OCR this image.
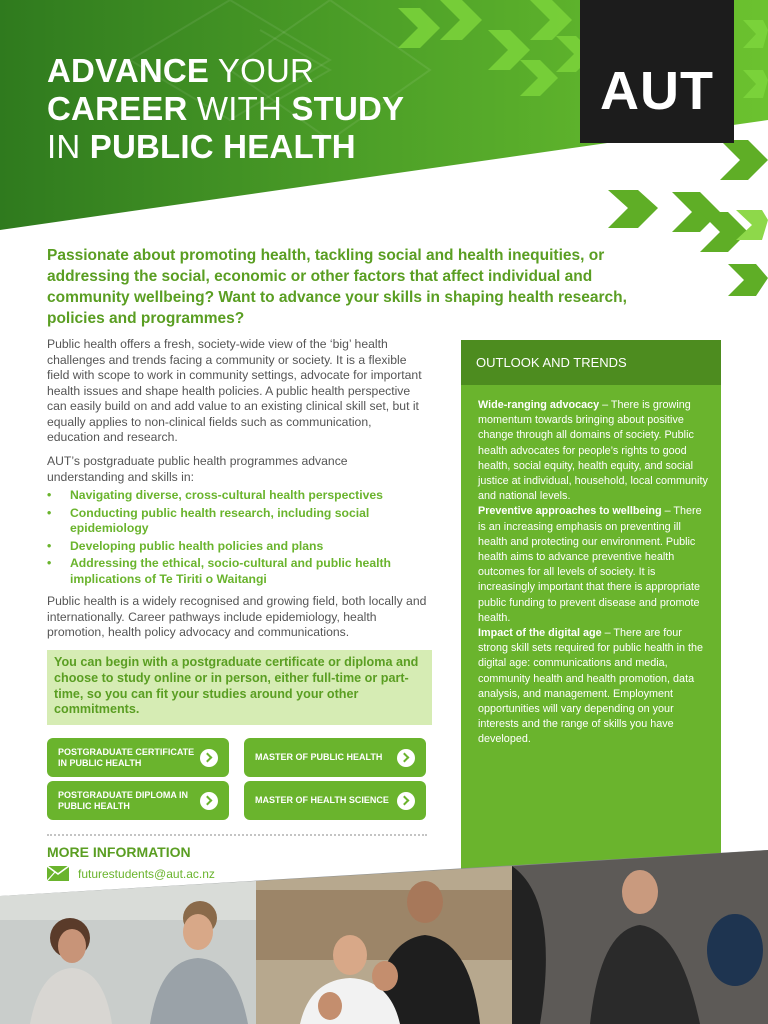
ADVANCE YOUR
CAREER WITH STUDY
IN PUBLIC HEALTH
AUT

Passionate about promoting health, tackling social and health inequities, or addressing the social, economic or other factors that affect individual and community wellbeing? Want to advance your skills in shaping health research, policies and programmes?

Public health offers a fresh, society-wide view of the ‘big’ health challenges and trends facing a community or society. It is a flexible field with scope to work in community settings, advocate for important health issues and shape health policies. A public health perspective can easily build on and add value to an existing clinical skill set, but it equally applies to non-clinical fields such as communication, education and research.

AUT’s postgraduate public health programmes advance understanding and skills in:

• Navigating diverse, cross-cultural health perspectives
• Conducting public health research, including social epidemiology
• Developing public health policies and plans
• Addressing the ethical, socio-cultural and public health implications of Te Tiriti o Waitangi

Public health is a widely recognised and growing field, both locally and internationally. Career pathways include epidemiology, health promotion, health policy advocacy and communications.

You can begin with a postgraduate certificate or diploma and choose to study online or in person, either full-time or part-time, so you can fit your studies around your other commitments.

POSTGRADUATE CERTIFICATE IN PUBLIC HEALTH
MASTER OF PUBLIC HEALTH
POSTGRADUATE DIPLOMA IN PUBLIC HEALTH
MASTER OF HEALTH SCIENCE

MORE INFORMATION

futurestudents@aut.ac.nz
OUTLOOK AND TRENDS

Wide-ranging advocacy – There is growing momentum towards bringing about positive change through all domains of society. Public health advocates for people’s rights to good health, social equity, health equity, and social justice at individual, household, local community and national levels.

Preventive approaches to wellbeing – There is an increasing emphasis on preventing ill health and protecting our environment. Public health aims to advance preventive health outcomes for all levels of society. It is increasingly important that there is appropriate public funding to prevent disease and promote health.

Impact of the digital age – There are four strong skill sets required for public health in the digital age: communications and media, community health and health promotion, data analysis, and management. Employment opportunities will vary depending on your interests and the range of skills you have developed.
